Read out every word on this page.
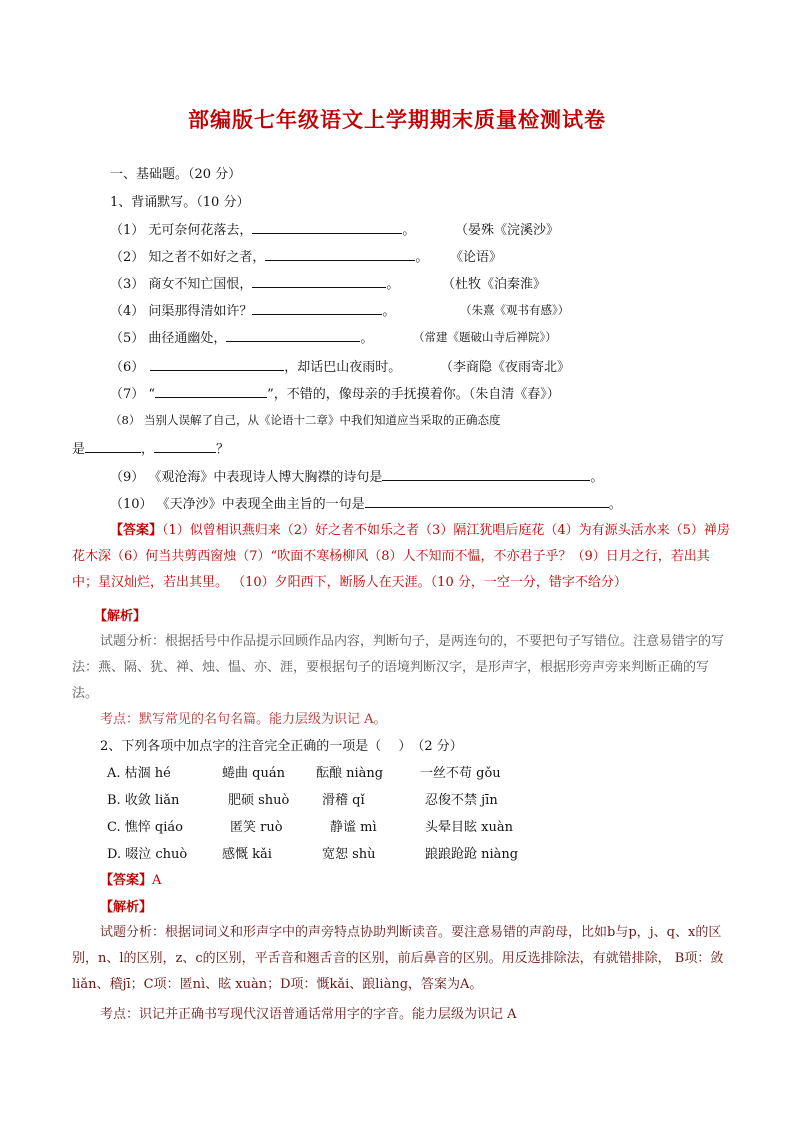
部编版七年级语文上学期期末质量检测试卷
一、基础题。（20 分）
1、背诵默写。（10 分）
（1） 无可奈何花落去，	。	（晏殊《浣溪沙》
（2） 知之者不如好之者，	。 《论语》
（3） 商女不知亡国恨，	。	（杜牧《泊秦淮》
（4） 问渠那得清如许？	。	（朱熹《观书有感》）
（5） 曲径通幽处，	。	（常建《题破山寺后禅院》）
（6）	，却话巴山夜雨时。	（李商隐《夜雨寄北》
（7） “	”，不错的，像母亲的手抚摸着你。（朱自清《春》）
（8） 当别人误解了自己，从《论语十二章》中我们知道应当采取的正确态度
是	，	？
（9） 《观沧海》中表现诗人博大胸襟的诗句是	。
（10） 《天净沙》中表现全曲主旨的一句是	。
【答案】（1）似曾相识燕归来（2）好之者不如乐之者（3）隔江犹唱后庭花（4）为有源头活水来（5）禅房花木深（6）何当共剪西窗烛（7）“吹面不寒杨柳风（8）人不知而不愠，不亦君子乎？（9）日月之行，若出其中；星汉灿烂，若出其里。 （10）夕阳西下，断肠人在天涯。（10 分，一空一分，错字不给分）
【解析】
试题分析：根据括号中作品提示回顾作品内容，判断句子，是两连句的，不要把句子写错位。注意易错字的写法：燕、隔、犹、禅、烛、愠、亦、涯，要根据句子的语境判断汉字，是形声字，根据形旁声旁来判断正确的写法。
考点：默写常见的名句名篇。能力层级为识记 A。
2、下列各项中加点字的注音完全正确的一项是（　 ）　（2 分）
A. 枯涸 hé	蜷曲 quán 酝酿 niàng	一丝不苟 gǒu
B. 收敛 liǎn	肥硕 shuò	滑稽 qǐ	忍俊不禁 jīn
C. 憔悴 qiáo	匿笑 ruò	静谧 mì	头晕目眩 xuàn
D. 啜泣 chuò	感慨 kǎi	宽恕 shù	踉踉跄跄 niàng
【答案】A
【解析】
试题分析：根据词词义和形声字中的声旁特点协助判断读音。要注意易错的声韵母，比如b与p，j、q、x的区别，n、l的区别，z、c的区别，平舌音和翘舌音的区别，前后鼻音的区别。用反选排除法，有就错排除， B项：敛liǎn、稽jī；C项：匿nì、眩 xuàn；D项：慨kǎi、踉liàng，答案为A。
考点：识记并正确书写现代汉语普通话常用字的字音。能力层级为识记 A
